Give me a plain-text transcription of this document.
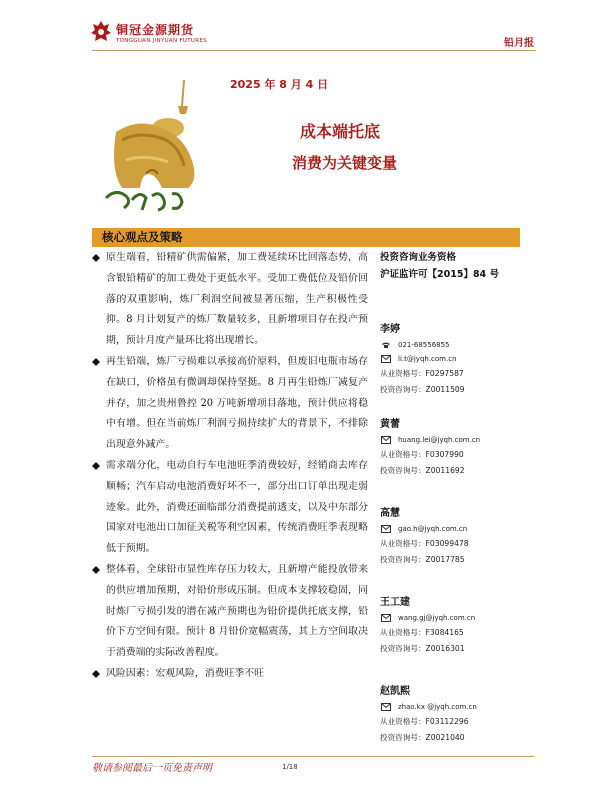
铜冠金源期货
TONGGUAN JINYUAN FUTURES	铅月报
2025 年 8 月 4 日
成本端托底
消费为关键变量
核心观点及策略
原生端看，铅精矿供需偏紧，加工费延续环比回落态势，高含银铅精矿的加工费处于更低水平。受加工费低位及铅价回落的双重影响，炼厂利润空间被显著压缩，生产积极性受抑。8 月计划复产的炼厂数量较多，且新增项目存在投产预期，预计月度产量环比将出现增长。
再生铅端，炼厂亏损难以承接高价原料，但废旧电瓶市场存在缺口，价格虽有微调却保持坚挺。8 月再生铅炼厂减复产并存，加之贵州鲁控 20 万吨新增项目落地，预计供应将稳中有增。但在当前炼厂利润亏损持续扩大的背景下，不排除出现意外减产。
需求端分化，电动自行车电池旺季消费较好，经销商去库存顺畅；汽车启动电池消费好坏不一，部分出口订单出现走弱迹象。此外，消费还面临部分消费提前透支，以及中东部分国家对电池出口加征关税等利空因素，传统消费旺季表现略低于预期。
整体看，全球铅市显性库存压力较大，且新增产能投放带来的供应增加预期，对铅价形成压制。但成本支撑较稳固，同时炼厂亏损引发的潜在减产预期也为铅价提供托底支撑，铅价下方空间有限。预计 8 月铅价宽幅震荡，其上方空间取决于消费端的实际改善程度。
风险因素：宏观风险，消费旺季不旺
投资咨询业务资格
沪证监许可【2015】84 号
李婷
021-68556855
li.t@jyqh.com.cn
从业资格号：F0297587
投资咨询号：Z0011509
黄蕾
huang.lei@jyqh.com.cn
从业资格号：F0307990
投资咨询号：Z0011692
高慧
gao.h@jyqh.com.cn
从业资格号：F03099478
投资咨询号：Z0017785
王工建
wang.gj@jyqh.com.cn
从业资格号：F3084165
投资咨询号：Z0016301
赵凯熙
zhao.kx @jyqh.com.cn
从业资格号：F03112296
投资咨询号：Z0021040
敬请参阅最后一页免责声明	1/18
